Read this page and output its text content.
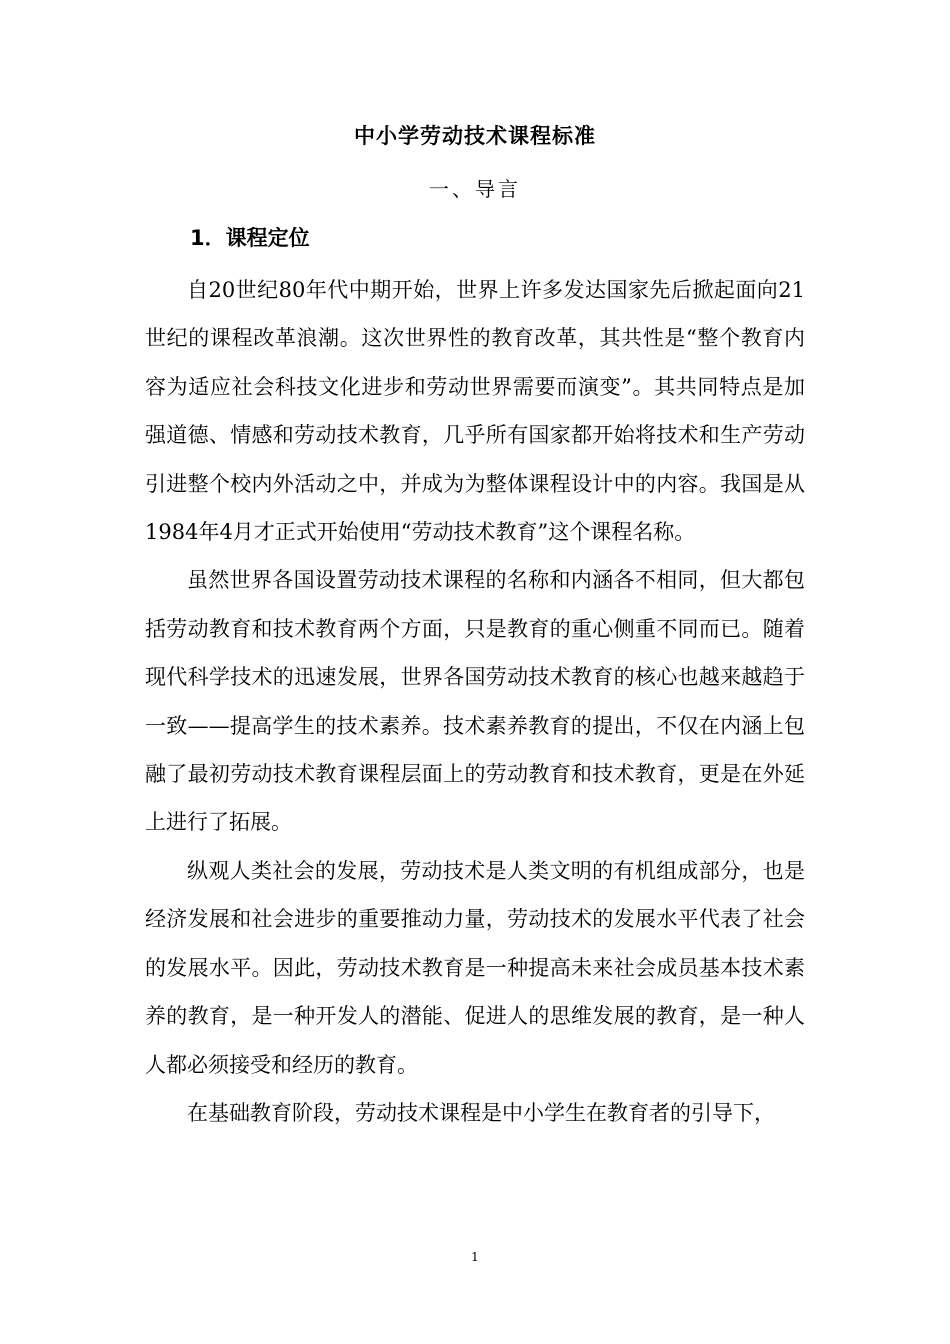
中小学劳动技术课程标准
一、导言
1．课程定位

自20世纪80年代中期开始，世界上许多发达国家先后掀起面向21 世纪的课程改革浪潮。这次世界性的教育改革，其共性是“整个教育内容为适应社会科技文化进步和劳动世界需要而演变”。其共同特点是加强道德、情感和劳动技术教育，几乎所有国家都开始将技术和生产劳动引进整个校内外活动之中，并成为为整体课程设计中的内容。我国是从1984年4月才正式开始使用“劳动技术教育”这个课程名称。

虽然世界各国设置劳动技术课程的名称和内涵各不相同，但大都包括劳动教育和技术教育两个方面，只是教育的重心侧重不同而已。随着现代科学技术的迅速发展，世界各国劳动技术教育的核心也越来越趋于一致——提高学生的技术素养。技术素养教育的提出，不仅在内涵上包融了最初劳动技术教育课程层面上的劳动教育和技术教育，更是在外延上进行了拓展。

纵观人类社会的发展，劳动技术是人类文明的有机组成部分，也是经济发展和社会进步的重要推动力量，劳动技术的发展水平代表了社会的发展水平。因此，劳动技术教育是一种提高未来社会成员基本技术素养的教育，是一种开发人的潜能、促进人的思维发展的教育，是一种人人都必须接受和经历的教育。

在基础教育阶段，劳动技术课程是中小学生在教育者的引导下，

1
